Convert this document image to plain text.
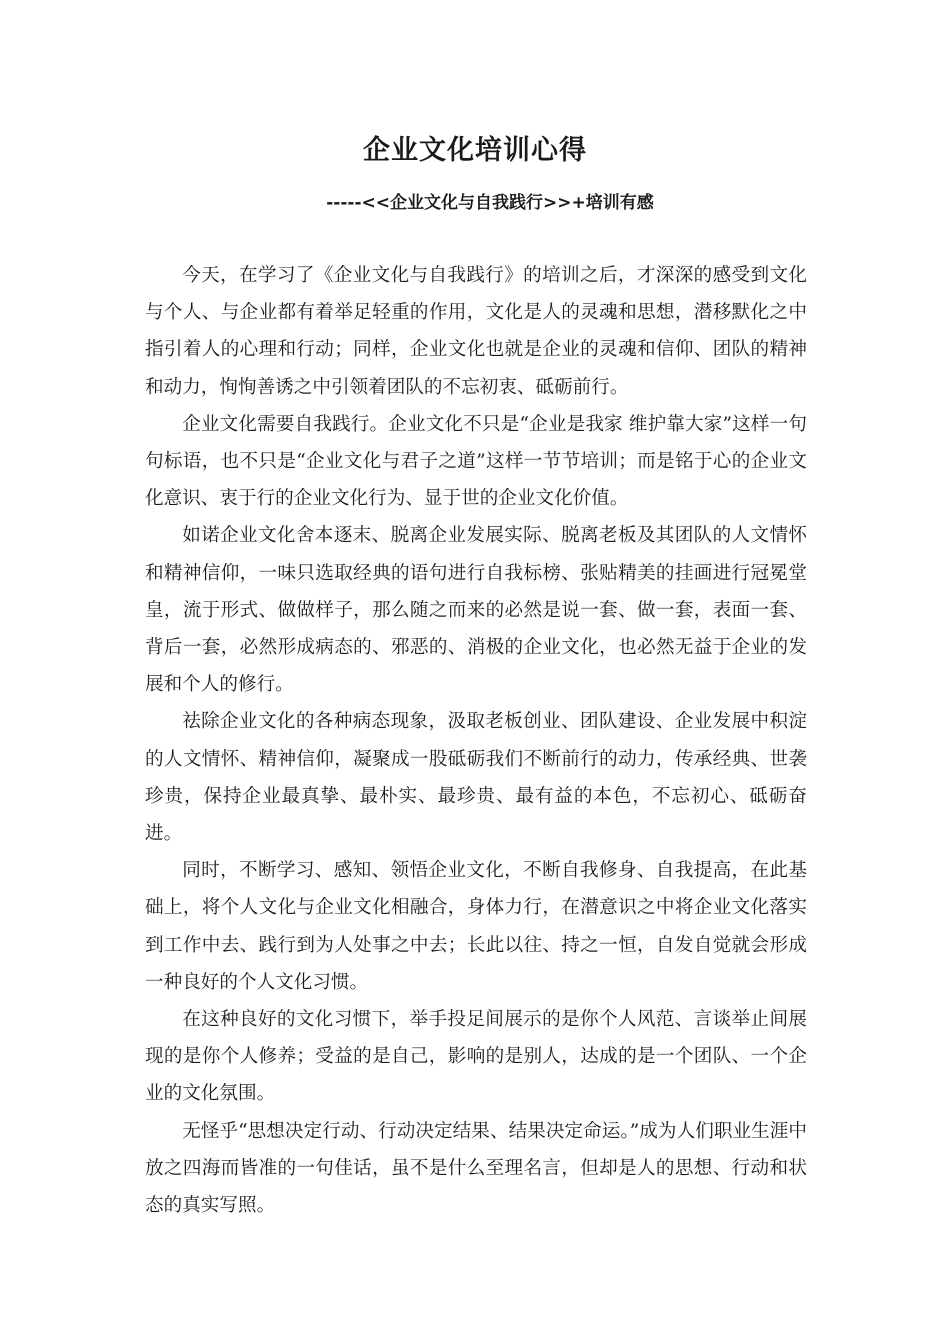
企业文化培训心得
-----<<企业文化与自我践行>>+培训有感

今天，在学习了《企业文化与自我践行》的培训之后，才深深的感受到文化与个人、与企业都有着举足轻重的作用，文化是人的灵魂和思想，潜移默化之中指引着人的心理和行动；同样，企业文化也就是企业的灵魂和信仰、团队的精神和动力，恂恂善诱之中引领着团队的不忘初衷、砥砺前行。

企业文化需要自我践行。企业文化不只是“企业是我家 维护靠大家”这样一句句标语，也不只是“企业文化与君子之道”这样一节节培训；而是铭于心的企业文化意识、衷于行的企业文化行为、显于世的企业文化价值。

如诺企业文化舍本逐末、脱离企业发展实际、脱离老板及其团队的人文情怀和精神信仰，一味只选取经典的语句进行自我标榜、张贴精美的挂画进行冠冕堂皇，流于形式、做做样子，那么随之而来的必然是说一套、做一套，表面一套、背后一套，必然形成病态的、邪恶的、消极的企业文化，也必然无益于企业的发展和个人的修行。

祛除企业文化的各种病态现象，汲取老板创业、团队建设、企业发展中积淀的人文情怀、精神信仰，凝聚成一股砥砺我们不断前行的动力，传承经典、世袭珍贵，保持企业最真挚、最朴实、最珍贵、最有益的本色，不忘初心、砥砺奋进。

同时，不断学习、感知、领悟企业文化，不断自我修身、自我提高，在此基础上，将个人文化与企业文化相融合，身体力行，在潜意识之中将企业文化落实到工作中去、践行到为人处事之中去；长此以往、持之一恒，自发自觉就会形成一种良好的个人文化习惯。

在这种良好的文化习惯下，举手投足间展示的是你个人风范、言谈举止间展现的是你个人修养；受益的是自己，影响的是别人，达成的是一个团队、一个企业的文化氛围。

无怪乎“思想决定行动、行动决定结果、结果决定命运。”成为人们职业生涯中放之四海而皆准的一句佳话，虽不是什么至理名言，但却是人的思想、行动和状态的真实写照。
